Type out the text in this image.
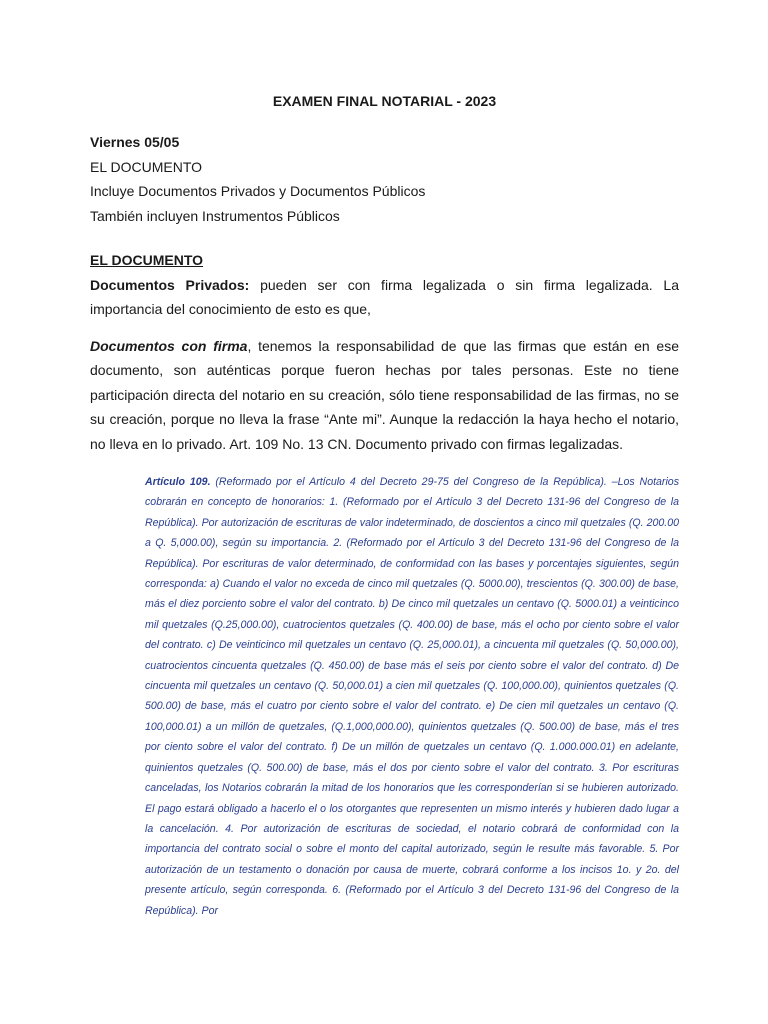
EXAMEN FINAL NOTARIAL - 2023

Viernes 05/05

EL DOCUMENTO

Incluye Documentos Privados y Documentos Públicos

También incluyen Instrumentos Públicos

EL DOCUMENTO

Documentos Privados: pueden ser con firma legalizada o sin firma legalizada. La importancia del conocimiento de esto es que,

Documentos con firma, tenemos la responsabilidad de que las firmas que están en ese documento, son auténticas porque fueron hechas por tales personas. Este no tiene participación directa del notario en su creación, sólo tiene responsabilidad de las firmas, no se su creación, porque no lleva la frase “Ante mi”. Aunque la redacción la haya hecho el notario, no lleva en lo privado. Art. 109 No. 13 CN. Documento privado con firmas legalizadas.

Artículo 109. (Reformado por el Artículo 4 del Decreto 29-75 del Congreso de la República). –Los Notarios cobrarán en concepto de honorarios: 1. (Reformado por el Artículo 3 del Decreto 131-96 del Congreso de la República). Por autorización de escrituras de valor indeterminado, de doscientos a cinco mil quetzales (Q. 200.00 a Q. 5,000.00), según su importancia. 2. (Reformado por el Artículo 3 del Decreto 131-96 del Congreso de la República). Por escrituras de valor determinado, de conformidad con las bases y porcentajes siguientes, según corresponda: a) Cuando el valor no exceda de cinco mil quetzales (Q. 5000.00), trescientos (Q. 300.00) de base, más el diez porciento sobre el valor del contrato. b) De cinco mil quetzales un centavo (Q. 5000.01) a veinticinco mil quetzales (Q.25,000.00), cuatrocientos quetzales (Q. 400.00) de base, más el ocho por ciento sobre el valor del contrato. c) De veinticinco mil quetzales un centavo (Q. 25,000.01), a cincuenta mil quetzales (Q. 50,000.00), cuatrocientos cincuenta quetzales (Q. 450.00) de base más el seis por ciento sobre el valor del contrato. d) De cincuenta mil quetzales un centavo (Q. 50,000.01) a cien mil quetzales (Q. 100,000.00), quinientos quetzales (Q. 500.00) de base, más el cuatro por ciento sobre el valor del contrato. e) De cien mil quetzales un centavo (Q. 100,000.01) a un millón de quetzales, (Q.1,000,000.00), quinientos quetzales (Q. 500.00) de base, más el tres por ciento sobre el valor del contrato. f) De un millón de quetzales un centavo (Q. 1.000.000.01) en adelante, quinientos quetzales (Q. 500.00) de base, más el dos por ciento sobre el valor del contrato. 3. Por escrituras canceladas, los Notarios cobrarán la mitad de los honorarios que les corresponderían si se hubieren autorizado. El pago estará obligado a hacerlo el o los otorgantes que representen un mismo interés y hubieren dado lugar a la cancelación. 4. Por autorización de escrituras de sociedad, el notario cobrará de conformidad con la importancia del contrato social o sobre el monto del capital autorizado, según le resulte más favorable. 5. Por autorización de un testamento o donación por causa de muerte, cobrará conforme a los incisos 1o. y 2o. del presente artículo, según corresponda. 6. (Reformado por el Artículo 3 del Decreto 131-96 del Congreso de la República). Por
